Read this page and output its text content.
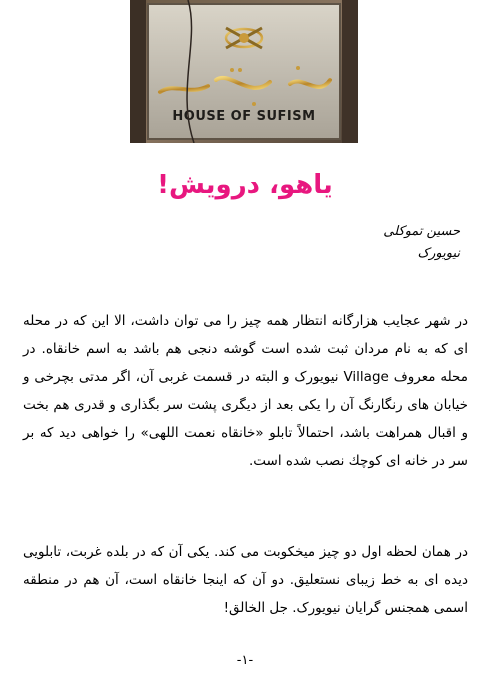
HOUSE OF SUFISM
یاهو، درویش!
حسین تموکلی
نیویورک

در شهر عجایب هزارگانه انتظار همه چیز را می توان داشت، الا این که در محله ای که به نام مردان ثبت شده است گوشه دنجی هم باشد به اسم خانقاه. در محله معروف Village نیویورک و البته در قسمت غربی آن، اگر مدتی بچرخی و خیابان های رنگارنگ آن را یکی بعد از دیگری پشت سر بگذاری و قدری هم بخت و اقبال همراهت باشد، احتمالاً تابلو «خانقاه نعمت اللهی» را خواهی دید که بر سر در خانه ای کوچك نصب شده است.

در همان لحظه اول دو چیز میخکوبت می کند. یکی آن که در بلده غربت، تابلویی دیده ای به خط زیبای نستعلیق. دو آن که اینجا خانقاه است، آن هم در منطقه اسمی همجنس گرایان نیویورک. جل الخالق!

-۱-
